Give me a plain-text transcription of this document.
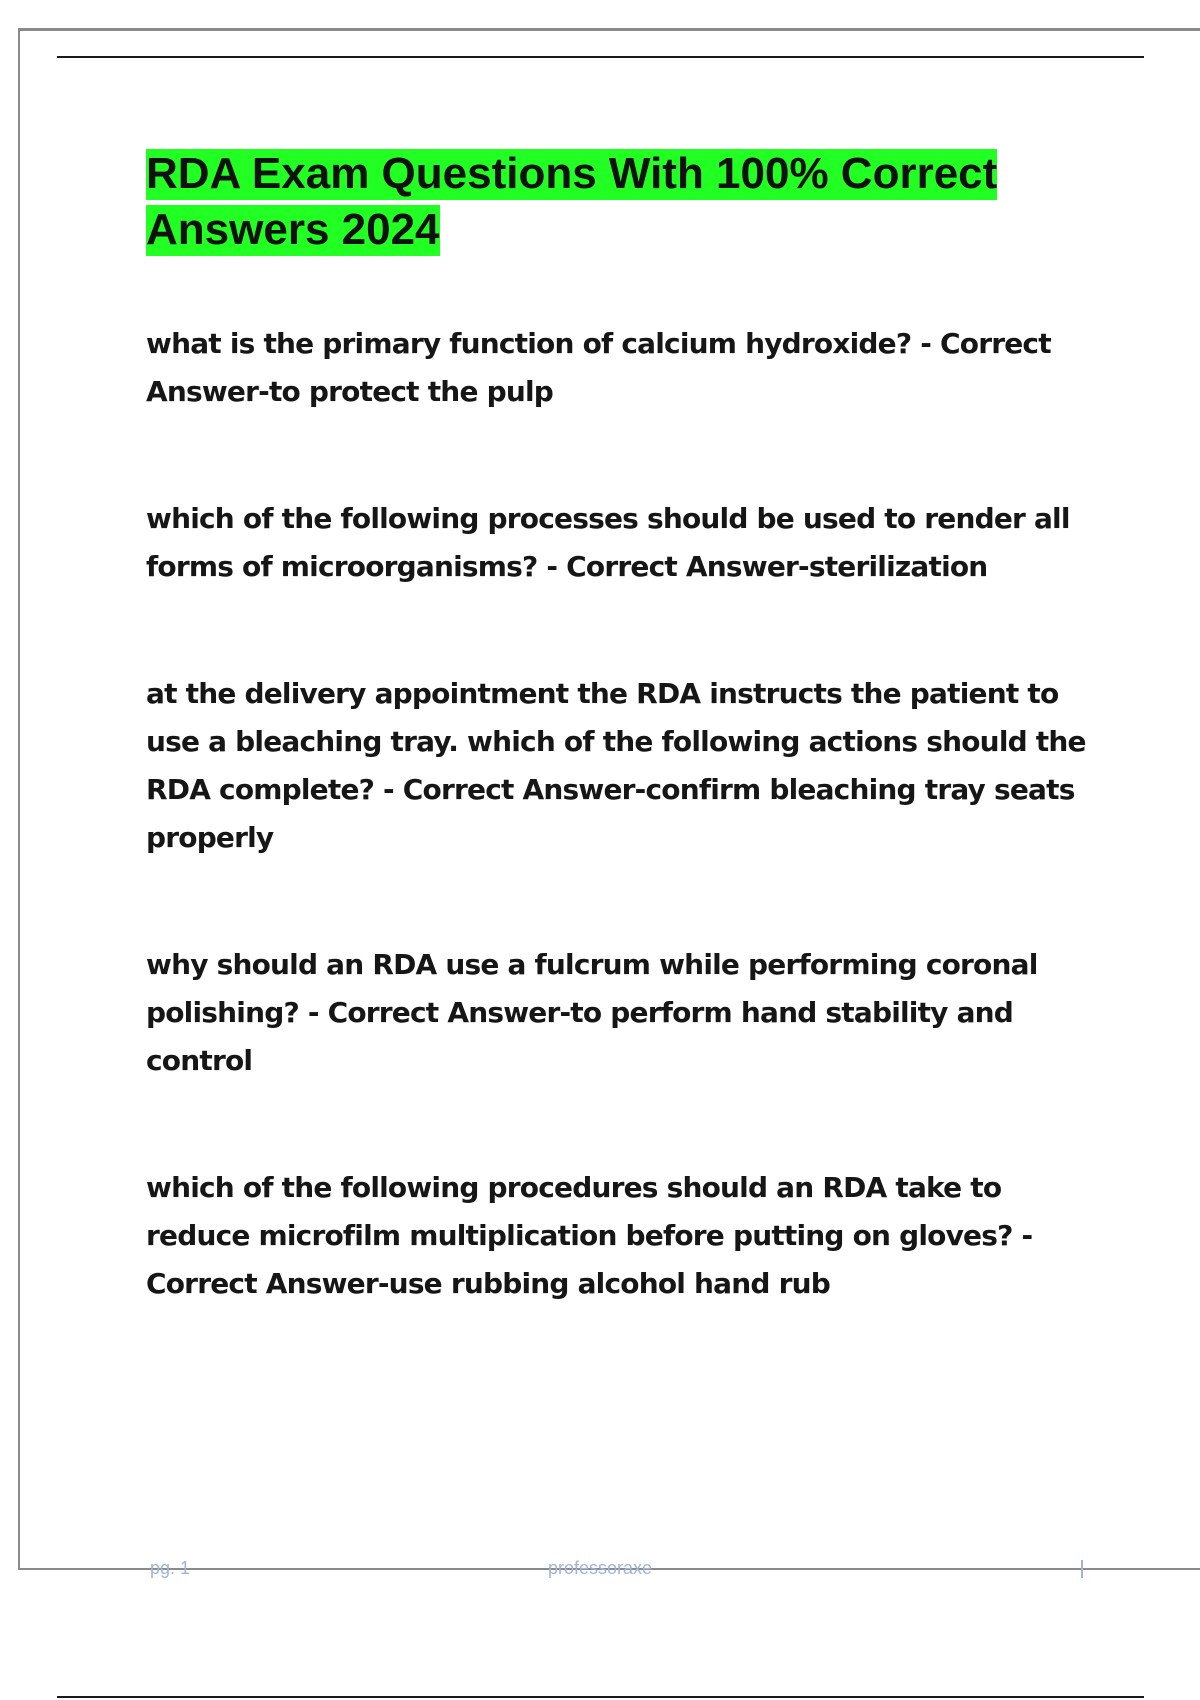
RDA Exam Questions With 100% Correct Answers 2024

what is the primary function of calcium hydroxide? - Correct Answer-to protect the pulp

which of the following processes should be used to render all forms of microorganisms? - Correct Answer-sterilization

at the delivery appointment the RDA instructs the patient to use a bleaching tray. which of the following actions should the RDA complete? - Correct Answer-confirm bleaching tray seats properly

why should an RDA use a fulcrum while performing coronal polishing? - Correct Answer-to perform hand stability and control

which of the following procedures should an RDA take to reduce microfilm multiplication before putting on gloves? - Correct Answer-use rubbing alcohol hand rub

pg. 1	professoraxe
